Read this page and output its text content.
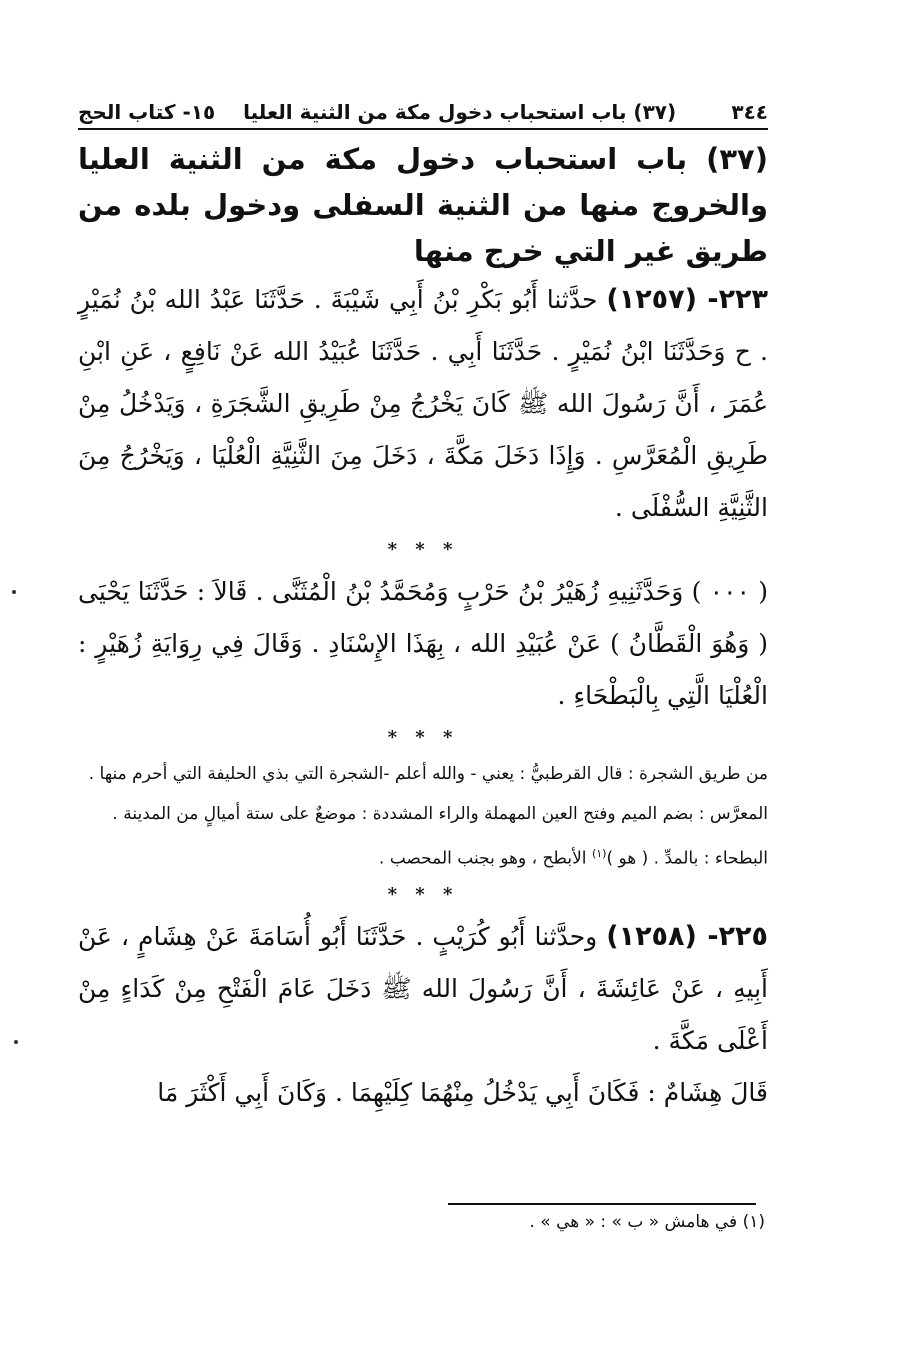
٣٤٤
(٣٧) باب استحباب دخول مكة من الثنية العليا    ١٥- كتاب الحج
(٣٧) باب استحباب دخول مكة من الثنية العليا والخروج منها من الثنية السفلى ودخول بلده من طريق غير التي خرج منها

٢٢٣- (١٢٥٧) حدَّثنا أَبُو بَكْرِ بْنُ أَبِي شَيْبَةَ . حَدَّثَنَا عَبْدُ الله بْنُ نُمَيْرٍ . ح وَحَدَّثَنَا ابْنُ نُمَيْرٍ . حَدَّثَنَا أَبِي . حَدَّثَنَا عُبَيْدُ الله عَنْ نَافِعٍ ، عَنِ ابْنِ عُمَرَ ، أَنَّ رَسُولَ الله ﷺ كَانَ يَخْرُجُ مِنْ طَرِيقِ الشَّجَرَةِ ، وَيَدْخُلُ مِنْ طَرِيقِ الْمُعَرَّسِ . وَإِذَا دَخَلَ مَكَّةَ ، دَخَلَ مِنَ الثَّنِيَّةِ الْعُلْيَا ، وَيَخْرُجُ مِنَ الثَّنِيَّةِ السُّفْلَى .

* * *

( ٠٠٠ ) وَحَدَّثَنِيهِ زُهَيْرُ بْنُ حَرْبٍ وَمُحَمَّدُ بْنُ الْمُثَنَّى . قَالاَ : حَدَّثَنَا يَحْيَى ( وَهُوَ الْقَطَّانُ ) عَنْ عُبَيْدِ الله ، بِهَذَا الإِسْنَادِ . وَقَالَ فِي رِوَايَةِ زُهَيْرٍ : الْعُلْيَا الَّتِي بِالْبَطْحَاءِ .

* * *

من طريق الشجرة : قال القرطبيُّ : يعني - والله أعلم -الشجرة التي بذي الحليفة التي أحرم منها .

المعرَّس : بضم الميم وفتح العين المهملة والراء المشددة : موضعٌ على ستة أميالٍ من المدينة .

البطحاء : بالمدِّ . ( هو )$^{(١)}$ الأبطح ، وهو بجنب المحصب .

* * *

٢٢٥- (١٢٥٨) وحدَّثنا أَبُو كُرَيْبٍ . حَدَّثَنَا أَبُو أُسَامَةَ عَنْ هِشَامٍ ، عَنْ أَبِيهِ ، عَنْ عَائِشَةَ ، أَنَّ رَسُولَ الله ﷺ دَخَلَ عَامَ الْفَتْحِ مِنْ كَدَاءٍ مِنْ أَعْلَى مَكَّةَ .

قَالَ هِشَامٌ : فَكَانَ أَبِي يَدْخُلُ مِنْهُمَا كِلَيْهِمَا . وَكَانَ أَبِي أَكْثَرَ مَا

(١) في هامش « ب » : « هي » .
